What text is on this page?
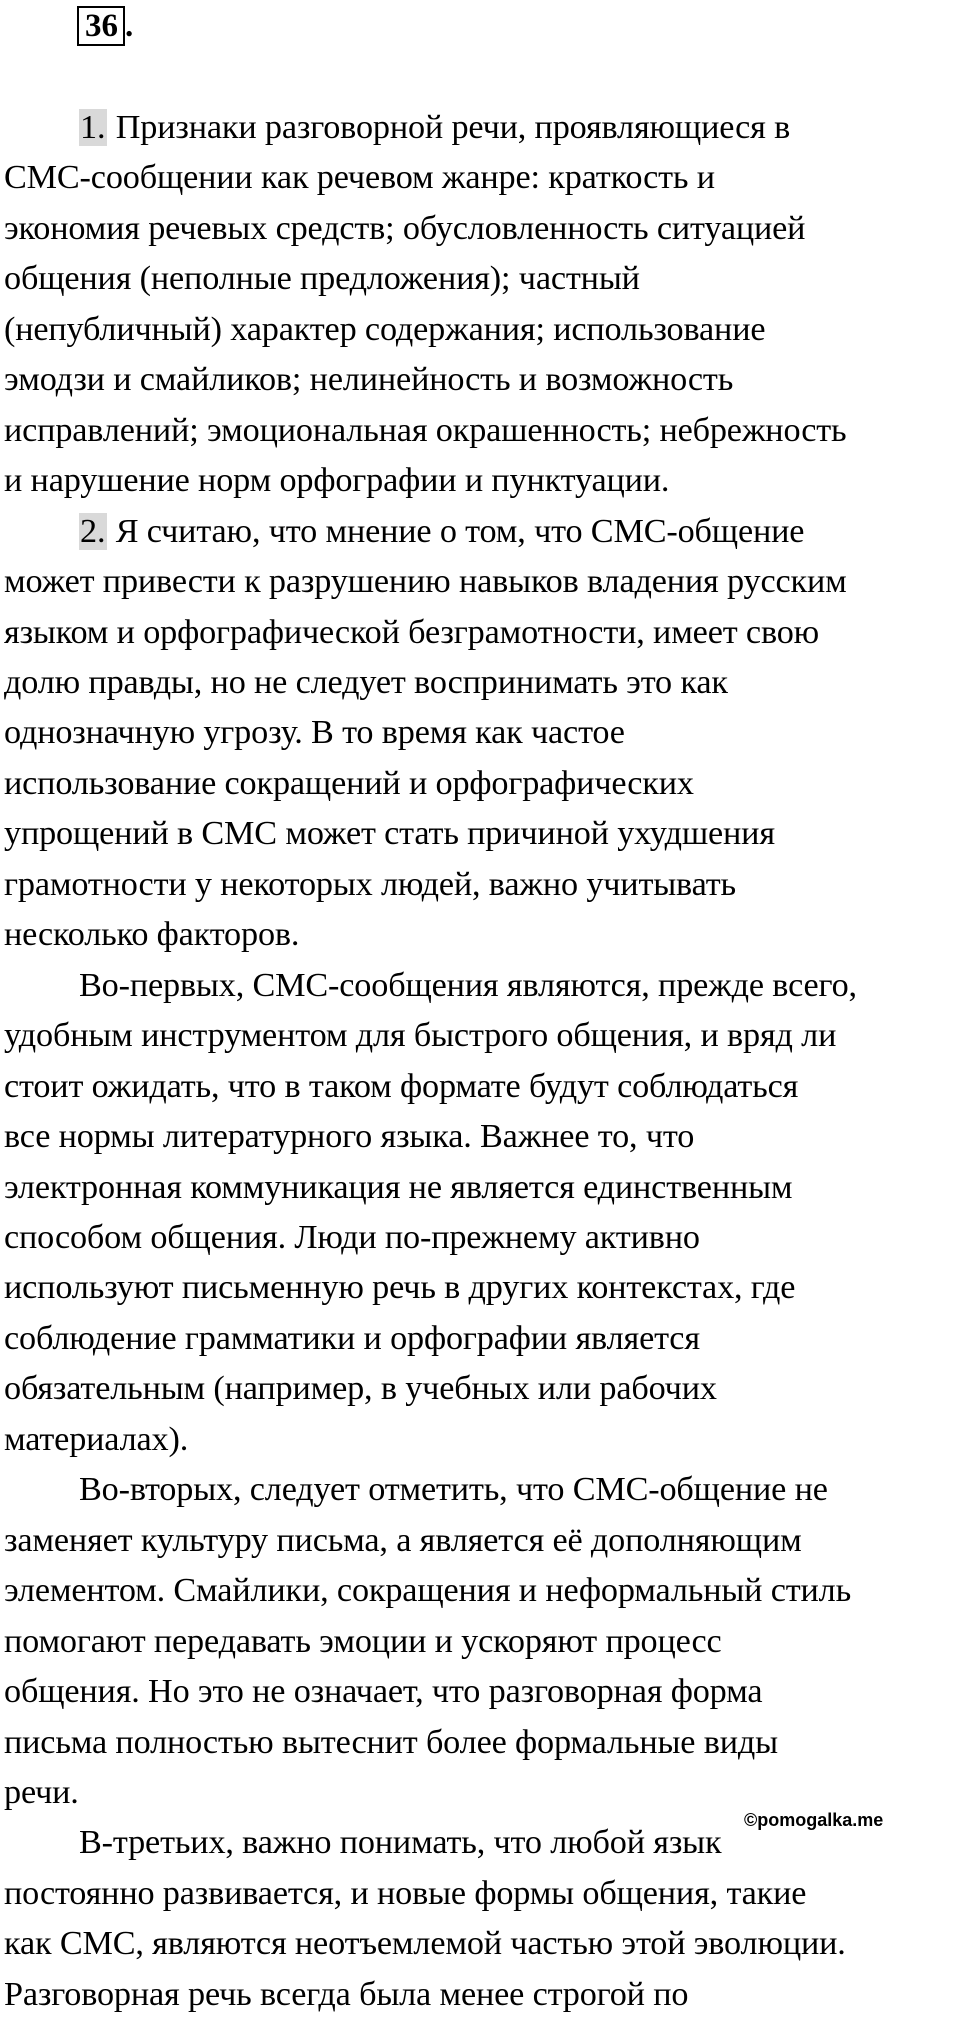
36 .

1. Признаки разговорной речи, проявляющиеся в
СМС-сообщении как речевом жанре: краткость и
экономия речевых средств; обусловленность ситуацией
общения (неполные предложения); частный
(непубличный) характер содержания; использование
эмодзи и смайликов; нелинейность и возможность
исправлений; эмоциональная окрашенность; небрежность
и нарушение норм орфографии и пунктуации.

2. Я считаю, что мнение о том, что СМС-общение
может привести к разрушению навыков владения русским
языком и орфографической безграмотности, имеет свою
долю правды, но не следует воспринимать это как
однозначную угрозу. В то время как частое
использование сокращений и орфографических
упрощений в СМС может стать причиной ухудшения
грамотности у некоторых людей, важно учитывать
несколько факторов.

Во-первых, СМС-сообщения являются, прежде всего,
удобным инструментом для быстрого общения, и вряд ли
стоит ожидать, что в таком формате будут соблюдаться
все нормы литературного языка. Важнее то, что
электронная коммуникация не является единственным
способом общения. Люди по-прежнему активно
используют письменную речь в других контекстах, где
соблюдение грамматики и орфографии является
обязательным (например, в учебных или рабочих
материалах).

Во-вторых, следует отметить, что СМС-общение не
заменяет культуру письма, а является её дополняющим
элементом. Смайлики, сокращения и неформальный стиль
помогают передавать эмоции и ускоряют процесс
общения. Но это не означает, что разговорная форма
письма полностью вытеснит более формальные виды
речи.

В-третьих, важно понимать, что любой язык
постоянно развивается, и новые формы общения, такие
как СМС, являются неотъемлемой частью этой эволюции.
Разговорная речь всегда была менее строгой по

©pomogalka.me
